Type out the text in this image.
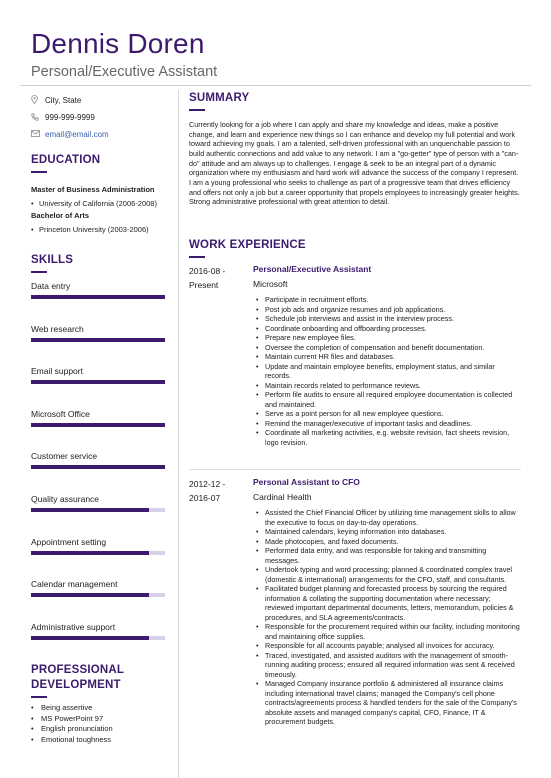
Dennis Doren
Personal/Executive Assistant
City, State
999-999-9999
email@email.com
EDUCATION
Master of Business Administration
• University of California (2006-2008)
Bachelor of Arts
• Princeton University (2003-2006)
SKILLS
Data entry
Web research
Email support
Microsoft Office
Customer service
Quality assurance
Appointment setting
Calendar management
Administrative support
PROFESSIONAL
DEVELOPMENT
• Being assertive
• MS PowerPoint 97
• English pronunciation
• Emotional toughness
SUMMARY

Currently looking for a job where I can apply and share my knowledge and ideas, make a positive change, and learn and experience new things so I can enhance and develop my full potential and work toward achieving my goals. I am a talented, self-driven professional with an unquenchable passion to build authentic connections and add value to any network. I am a "go-getter" type of person with a "can-do" attitude and am always up to challenges. I engage & seek to be an integral part of a dynamic organization where my enthusiasm and hard work will advance the success of the company I represent. I am a young professional who seeks to challenge as part of a progressive team that drives efficiency and offers not only a job but a career opportunity that propels employees to increasingly greater heights. Strong administrative professional with great attention to detail.

WORK EXPERIENCE
2016-08 -
Present
Personal/Executive Assistant
Microsoft
• Participate in recruitment efforts.
• Post job ads and organize resumes and job applications.
• Schedule job interviews and assist in the interview process.
• Coordinate onboarding and offboarding processes.
• Prepare new employee files.
• Oversee the completion of compensation and benefit documentation.
• Maintain current HR files and databases.
• Update and maintain employee benefits, employment status, and similar records.
• Maintain records related to performance reviews.
• Perform file audits to ensure all required employee documentation is collected and maintained.
• Serve as a point person for all new employee questions.
• Remind the manager/executive of important tasks and deadlines.
• Coordinate all marketing activities, e.g. website revision, fact sheets revision, logo revision.
2012-12 -
2016-07
Personal Assistant to CFO
Cardinal Health
• Assisted the Chief Financial Officer by utilizing time management skills to allow the executive to focus on day-to-day operations.
• Maintained calendars, keying information into databases.
• Made photocopies, and faxed documents.
• Performed data entry, and was responsible for taking and transmitting messages.
• Undertook typing and word processing; planned & coordinated complex travel (domestic & international) arrangements for the CFO, staff, and consultants.
• Facilitated budget planning and forecasted process by sourcing the required information & collating the supporting documentation where necessary; reviewed important departmental documents, letters, memorandum, policies & procedures, and SLA agreements/contracts.
• Responsible for the procurement required within our facility, including monitoring and maintaining office supplies.
• Responsible for all accounts payable; analysed all invoices for accuracy.
• Traced, investigated, and assisted auditors with the management of smooth-running auditing process; ensured all required information was sent & received timeously.
• Managed Company insurance portfolio & administered all insurance claims including international travel claims; managed the Company's cell phone contracts/agreements process & handled tenders for the sale of the Company's absolute assets and managed company's capital, CFO, Finance, IT & procurement budgets.
